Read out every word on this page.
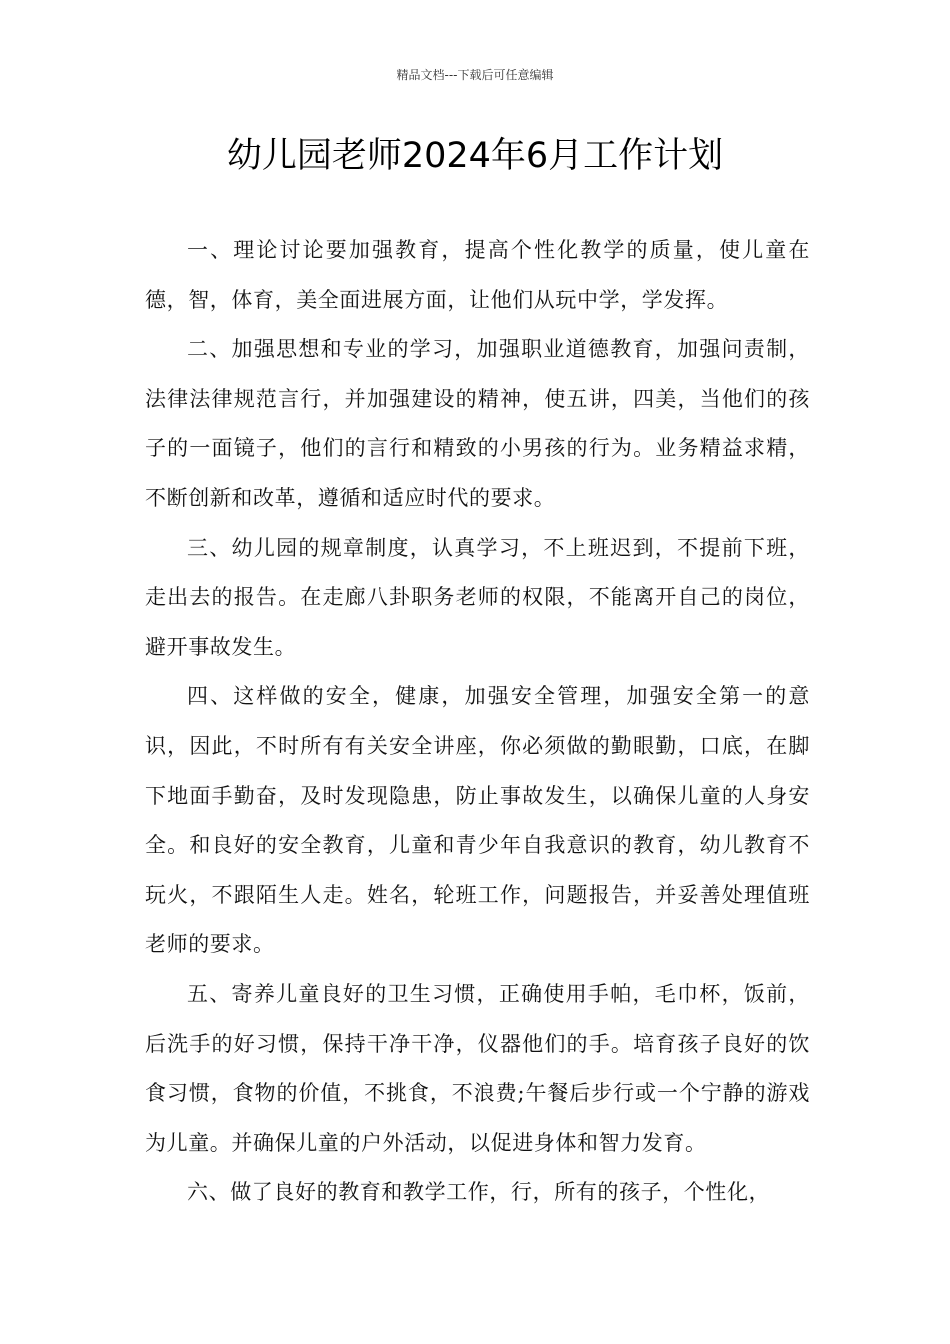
精品文档---下载后可任意编辑
幼儿园老师2024年6月工作计划

一、理论讨论要加强教育，提高个性化教学的质量，使儿童在德，智，体育，美全面进展方面，让他们从玩中学，学发挥。

二、加强思想和专业的学习，加强职业道德教育，加强问责制，法律法律规范言行，并加强建设的精神，使五讲，四美，当他们的孩子的一面镜子，他们的言行和精致的小男孩的行为。业务精益求精，不断创新和改革，遵循和适应时代的要求。

三、幼儿园的规章制度，认真学习，不上班迟到，不提前下班，走出去的报告。在走廊八卦职务老师的权限，不能离开自己的岗位，避开事故发生。

四、这样做的安全，健康，加强安全管理，加强安全第一的意识，因此，不时所有有关安全讲座，你必须做的勤眼勤，口底，在脚下地面手勤奋，及时发现隐患，防止事故发生，以确保儿童的人身安全。和良好的安全教育，儿童和青少年自我意识的教育，幼儿教育不玩火，不跟陌生人走。姓名，轮班工作，问题报告，并妥善处理值班老师的要求。

五、寄养儿童良好的卫生习惯，正确使用手帕，毛巾杯，饭前，后洗手的好习惯，保持干净干净，仪器他们的手。培育孩子良好的饮食习惯，食物的价值，不挑食，不浪费;午餐后步行或一个宁静的游戏为儿童。并确保儿童的户外活动，以促进身体和智力发育。

六、做了良好的教育和教学工作，行，所有的孩子，个性化，
